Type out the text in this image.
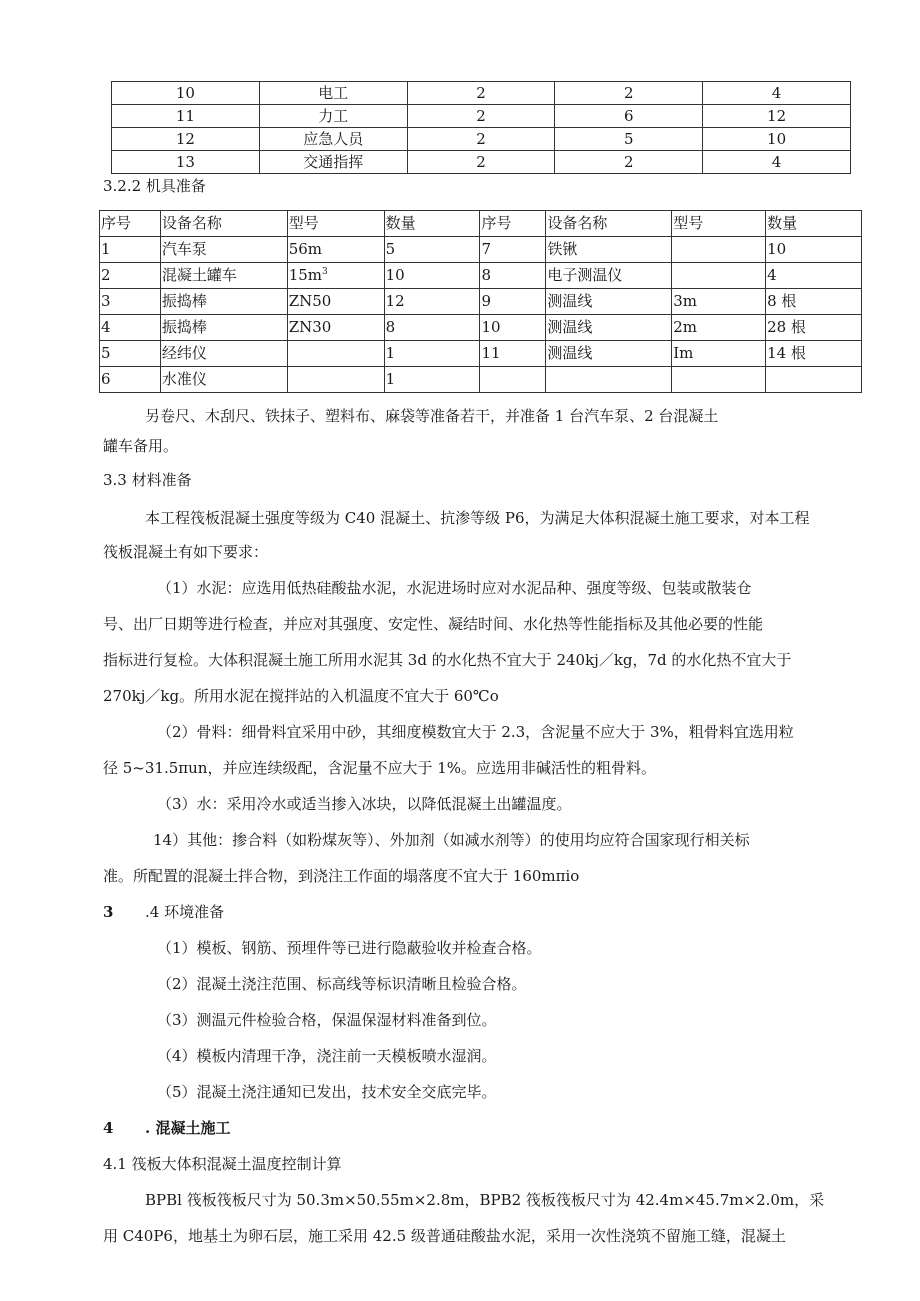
10	电工	2	2	4
11	力工	2	6	12
12	应急人员	2	5	10
13	交通指挥	2	2	4

3.2.2 机具准备

序号	设备名称	型号	数量	序号	设备名称	型号	数量
1	汽车泵	56m	5	7	铁锹		10
2	混凝土罐车	$15m^3$	10	8	电子测温仪		4
3	振捣棒	ZN50	12	9	测温线	3m	8 根
4	振捣棒	ZN30	8	10	测温线	2m	28 根
5	经纬仪		1	11	测温线	Im	14 根
6	水准仪		1				

另卷尺、木刮尺、铁抹子、塑料布、麻袋等准备若干，并准备 1 台汽车泵、2 台混凝土

罐车备用。

3.3 材料准备

本工程筏板混凝土强度等级为 C40 混凝土、抗渗等级 P6，为满足大体积混凝土施工要求，对本工程

筏板混凝土有如下要求：

（1）水泥：应选用低热硅酸盐水泥，水泥进场时应对水泥品种、强度等级、包装或散装仓

号、出厂日期等进行检查，并应对其强度、安定性、凝结时间、水化热等性能指标及其他必要的性能

指标进行复检。大体积混凝土施工所用水泥其 3d 的水化热不宜大于 240kj／kg，7d 的水化热不宜大于

270kj／kg。所用水泥在搅拌站的入机温度不宜大于 60℃o

（2）骨料：细骨料宜采用中砂，其细度模数宜大于 2.3，含泥量不应大于 3%，粗骨料宜选用粒

径 5~31.5πun，并应连续级配，含泥量不应大于 1%。应选用非碱活性的粗骨料。

（3）水：采用冷水或适当掺入冰块，以降低混凝土出罐温度。

14）其他：掺合料（如粉煤灰等）、外加剂（如减水剂等）的使用均应符合国家现行相关标

准。所配置的混凝土拌合物，到浇注工作面的塌落度不宜大于 160mπio

3 .4 环境准备

（1）模板、钢筋、预埋件等已进行隐蔽验收并检查合格。

（2）混凝土浇注范围、标高线等标识清晰且检验合格。

（3）测温元件检验合格，保温保湿材料准备到位。

（4）模板内清理干净，浇注前一天模板喷水湿润。

（5）混凝土浇注通知已发出，技术安全交底完毕。

4 . 混凝土施工

4.1 筏板大体积混凝土温度控制计算

BPBl 筏板筏板尺寸为 50.3m×50.55m×2.8m，BPB2 筏板筏板尺寸为 42.4m×45.7m×2.0m，采

用 C40P6，地基土为卵石层，施工采用 42.5 级普通硅酸盐水泥，采用一次性浇筑不留施工缝，混凝土
